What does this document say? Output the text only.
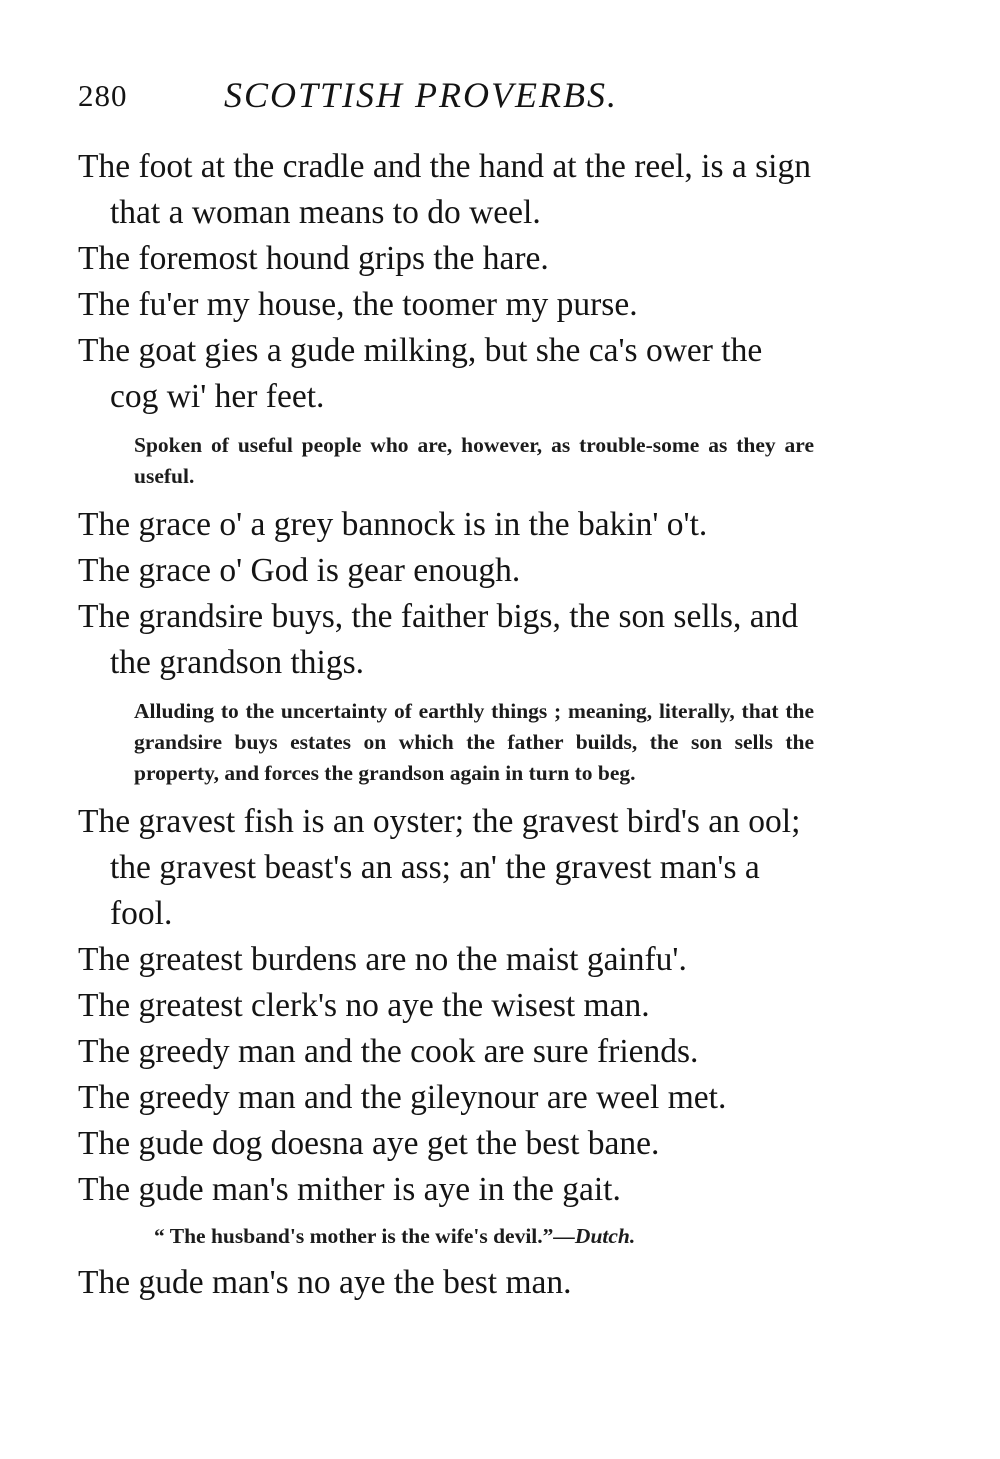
280	SCOTTISH PROVERBS.

The foot at the cradle and the hand at the reel, is a sign that a woman means to do weel.

The foremost hound grips the hare.

The fu'er my house, the toomer my purse.

The goat gies a gude milking, but she ca's ower the cog wi' her feet.

Spoken of useful people who are, however, as trouble-some as they are useful.

The grace o' a grey bannock is in the bakin' o't.

The grace o' God is gear enough.

The grandsire buys, the faither bigs, the son sells, and the grandson thigs.

Alluding to the uncertainty of earthly things ; meaning, literally, that the grandsire buys estates on which the father builds, the son sells the property, and forces the grandson again in turn to beg.

The gravest fish is an oyster; the gravest bird's an ool; the gravest beast's an ass; an' the gravest man's a fool.

The greatest burdens are no the maist gainfu'.

The greatest clerk's no aye the wisest man.

The greedy man and the cook are sure friends.

The greedy man and the gileynour are weel met.

The gude dog doesna aye get the best bane.

The gude man's mither is aye in the gait.

“ The husband's mother is the wife's devil.”—Dutch.

The gude man's no aye the best man.
